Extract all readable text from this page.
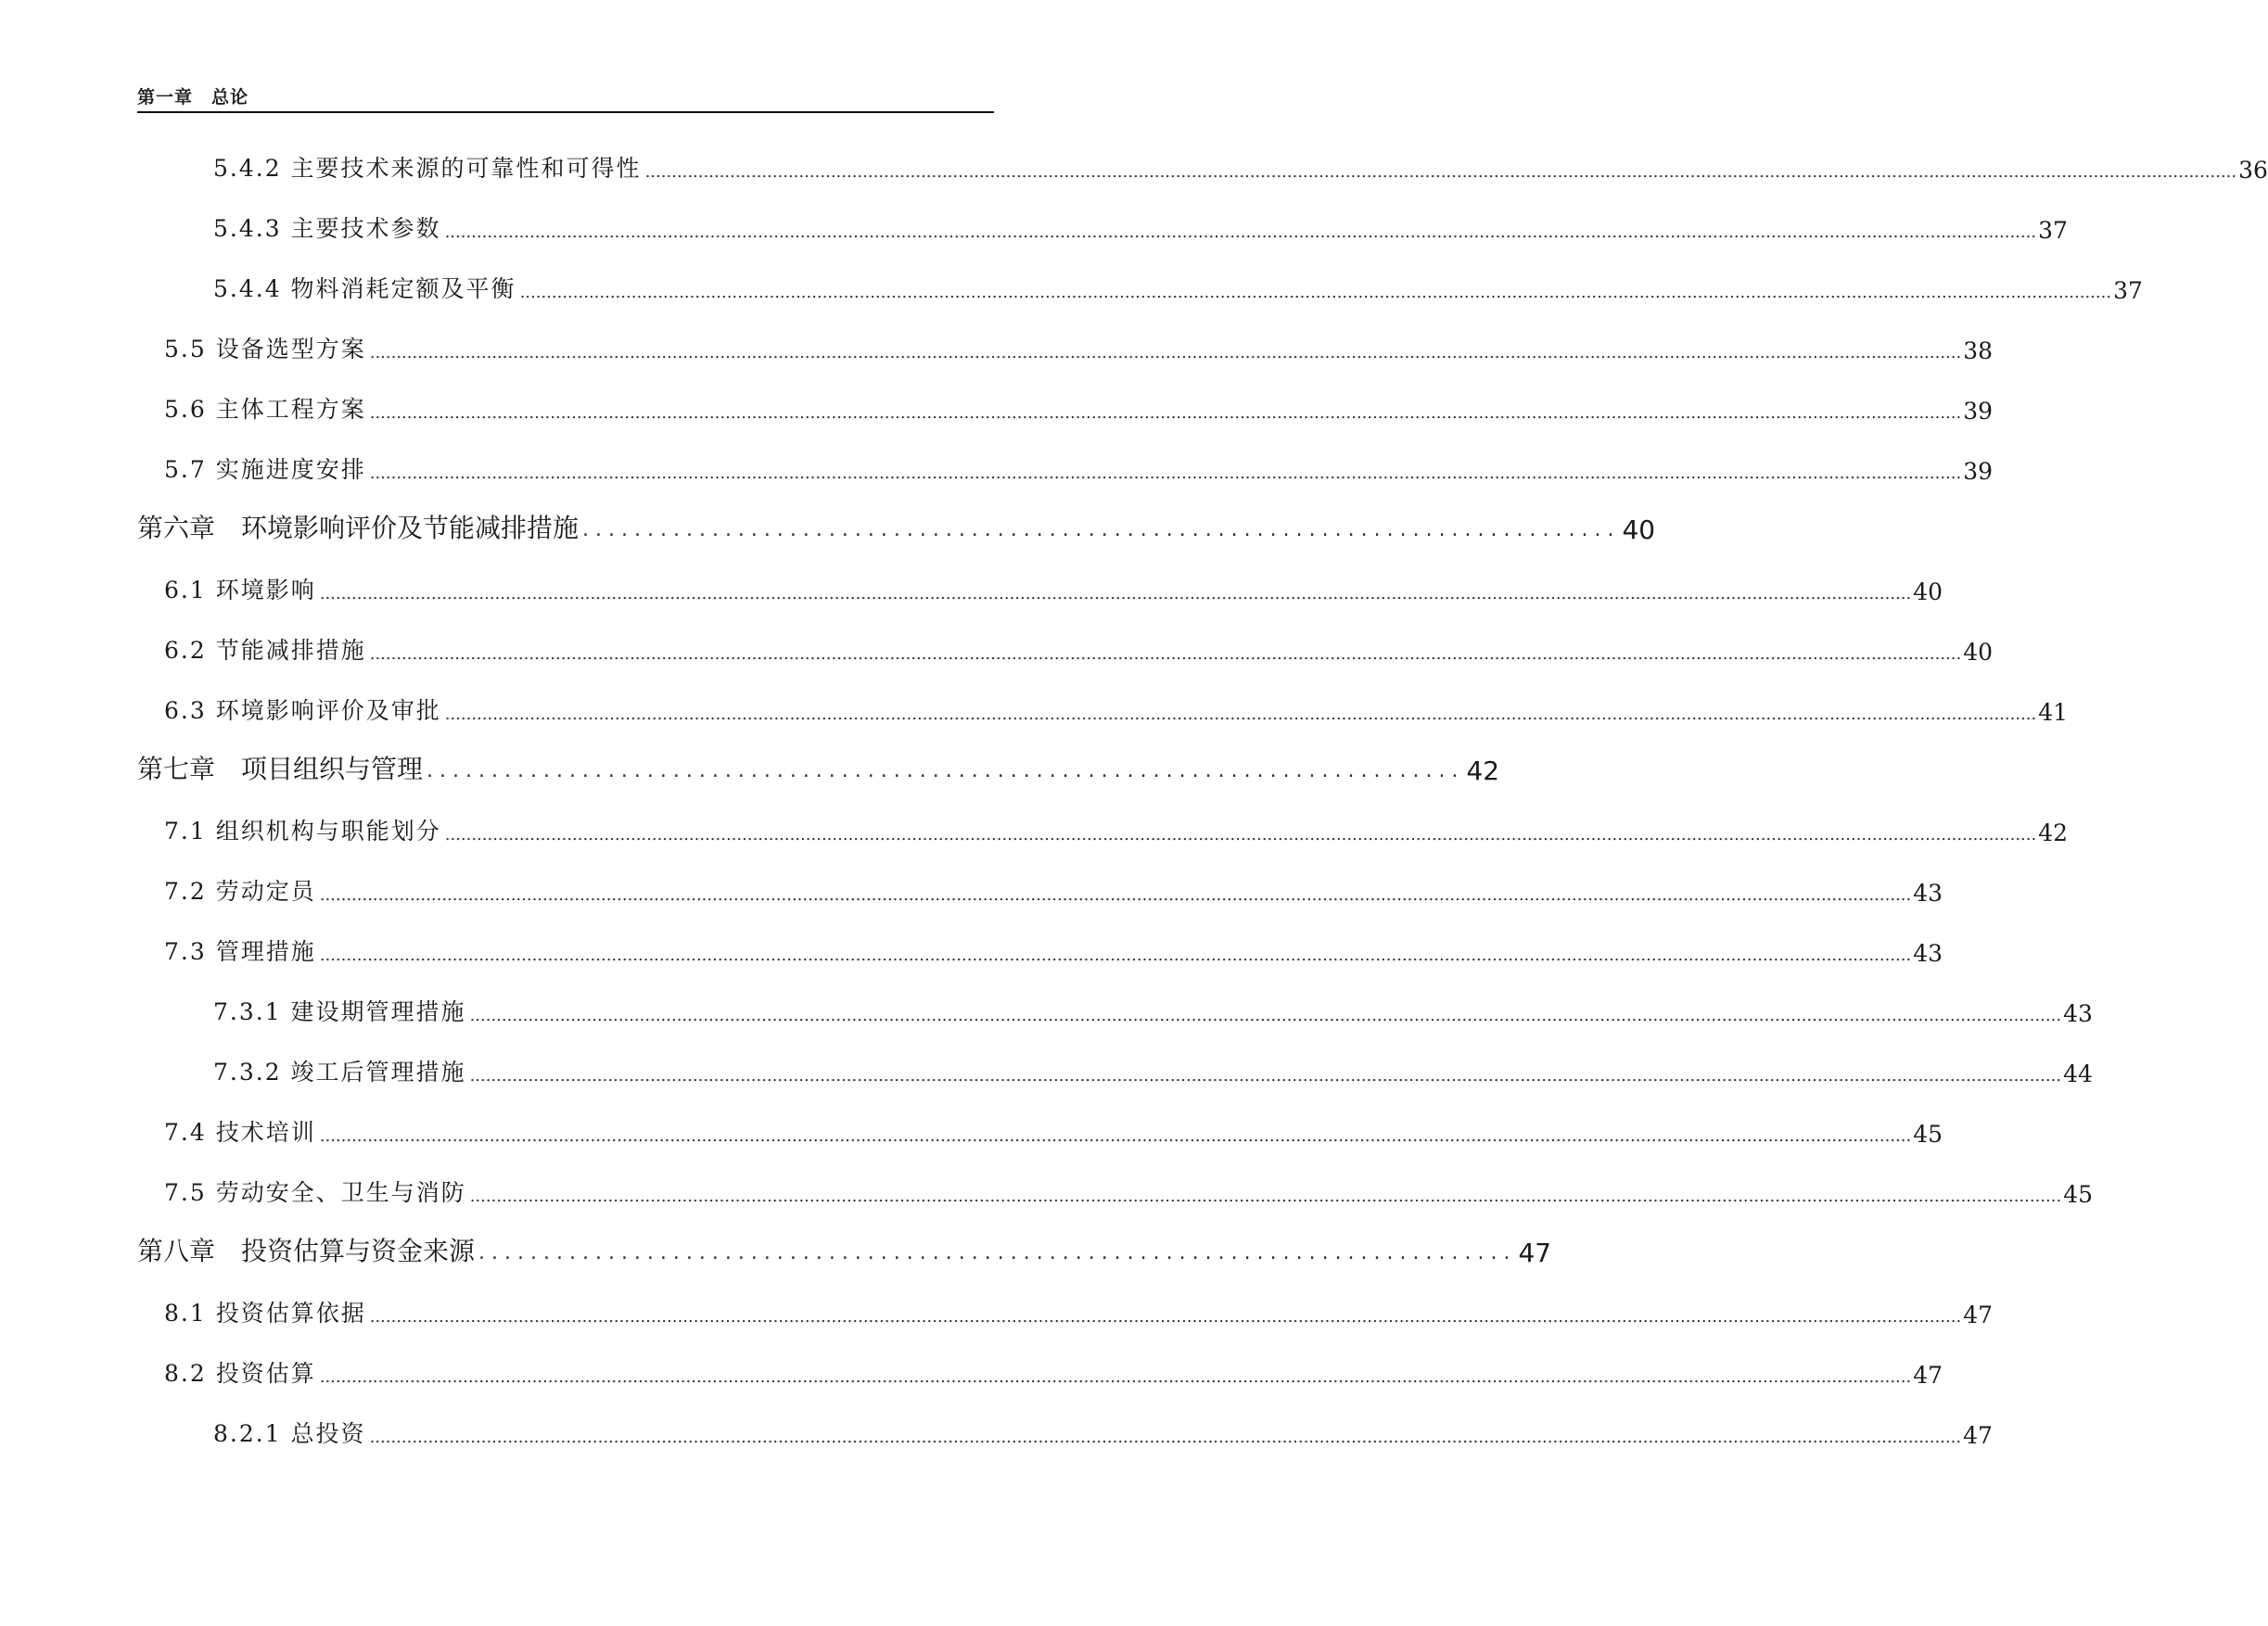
第一章　总论
5.4.2 主要技术来源的可靠性和可得性 ............................................................................................................................................................................................................................................................................................................ 36
5.4.3 主要技术参数 ............................................................................................................................................................................................................................................................................................................ 37
5.4.4 物料消耗定额及平衡 ............................................................................................................................................................................................................................................................................................................ 37
5.5 设备选型方案 ............................................................................................................................................................................................................................................................................................................ 38
5.6 主体工程方案 ............................................................................................................................................................................................................................................................................................................ 39
5.7 实施进度安排 ............................................................................................................................................................................................................................................................................................................ 39
第六章　环境影响评价及节能减排措施 ................................................................................ 40
6.1 环境影响 ............................................................................................................................................................................................................................................................................................................ 40
6.2 节能减排措施 ............................................................................................................................................................................................................................................................................................................ 40
6.3 环境影响评价及审批 ............................................................................................................................................................................................................................................................................................................ 41
第七章　项目组织与管理 ................................................................................ 42
7.1 组织机构与职能划分 ............................................................................................................................................................................................................................................................................................................ 42
7.2 劳动定员 ............................................................................................................................................................................................................................................................................................................ 43
7.3 管理措施 ............................................................................................................................................................................................................................................................................................................ 43
7.3.1 建设期管理措施 ............................................................................................................................................................................................................................................................................................................ 43
7.3.2 竣工后管理措施 ............................................................................................................................................................................................................................................................................................................ 44
7.4 技术培训 ............................................................................................................................................................................................................................................................................................................ 45
7.5 劳动安全、卫生与消防 ............................................................................................................................................................................................................................................................................................................ 45
第八章　投资估算与资金来源 ................................................................................ 47
8.1 投资估算依据 ............................................................................................................................................................................................................................................................................................................ 47
8.2 投资估算 ............................................................................................................................................................................................................................................................................................................ 47
8.2.1 总投资 ............................................................................................................................................................................................................................................................................................................ 47
